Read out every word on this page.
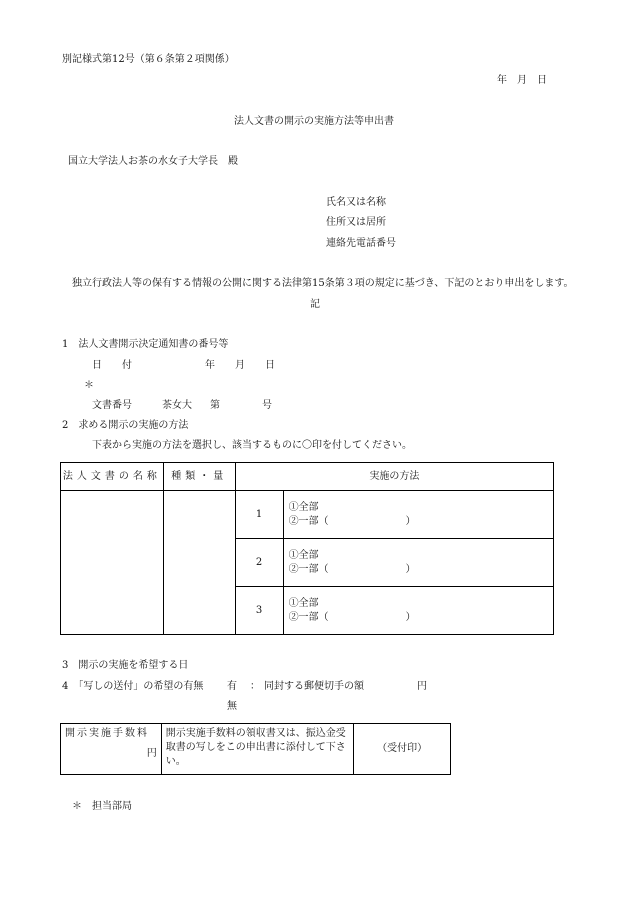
別記様式第12号（第６条第２項関係）
年　月　日
法人文書の開示の実施方法等申出書
国立大学法人お茶の水女子大学長　殿
氏名又は名称
住所又は居所
連絡先電話番号
独立行政法人等の保有する情報の公開に関する法律第15条第３項の規定に基づき、下記のとおり申出をします。
記
1　法人文書開示決定通知書の番号等
日　　付	年　　月　　日
＊
文書番号	茶女大 第	号
2　求める開示の実施の方法
下表から実施の方法を選択し、該当するものに〇印を付してください。
法人文書の名称	種類・量	実施の方法	
		1	①全部
②一部（ ）

		2	①全部
②一部（ ）

		3	①全部
②一部（ ）
3　開示の実施を希望する日
4　「写しの送付」の希望の有無 有 ： 同封する郵便切手の額	円
無
開示実施手数料
円
	開示実施手数料の領収書又は、振込金受取書の写しをこの申出書に添付して下さい。	（受付印）
＊ 担当部局
